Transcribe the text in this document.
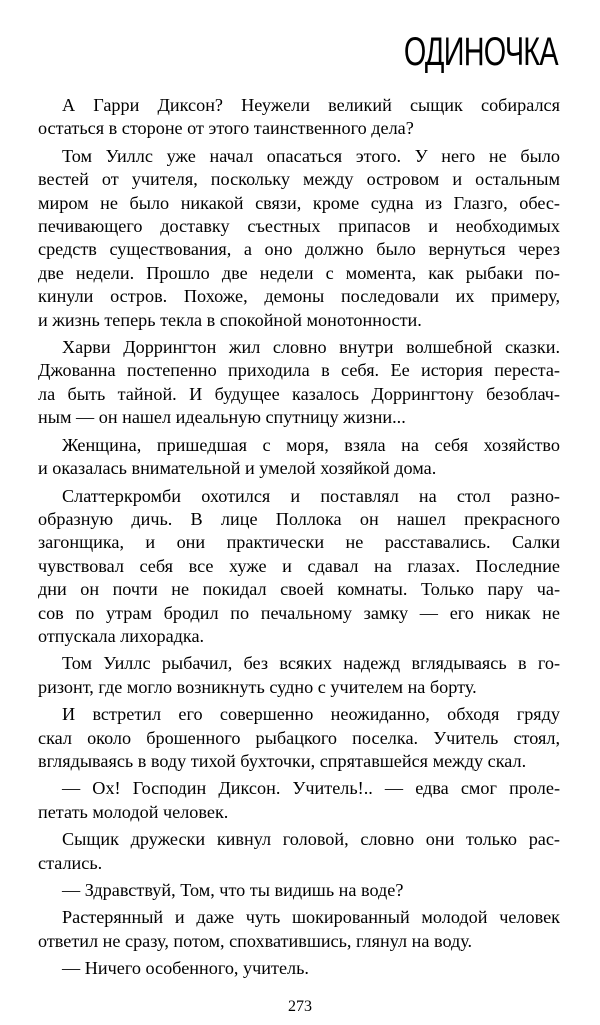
ОДИНОЧКА

А Гарри Диксон? Неужели великий сыщик собирался
остаться в стороне от этого таинственного дела?

Том Уиллс уже начал опасаться этого. У него не было
вестей от учителя, поскольку между островом и остальным
миром не было никакой связи, кроме судна из Глазго, обес-
печивающего доставку съестных припасов и необходимых
средств существования, а оно должно было вернуться через
две недели. Прошло две недели с момента, как рыбаки по-
кинули остров. Похоже, демоны последовали их примеру,
и жизнь теперь текла в спокойной монотонности.

Харви Доррингтон жил словно внутри волшебной сказки.
Джованна постепенно приходила в себя. Ее история переста-
ла быть тайной. И будущее казалось Доррингтону безоблач-
ным — он нашел идеальную спутницу жизни...

Женщина, пришедшая с моря, взяла на себя хозяйство
и оказалась внимательной и умелой хозяйкой дома.

Слаттеркромби охотился и поставлял на стол разно-
образную дичь. В лице Поллока он нашел прекрасного
загонщика, и они практически не расставались. Салки
чувствовал себя все хуже и сдавал на глазах. Последние
дни он почти не покидал своей комнаты. Только пару ча-
сов по утрам бродил по печальному замку — его никак не
отпускала лихорадка.

Том Уиллс рыбачил, без всяких надежд вглядываясь в го-
ризонт, где могло возникнуть судно с учителем на борту.

И встретил его совершенно неожиданно, обходя гряду
скал около брошенного рыбацкого поселка. Учитель стоял,
вглядываясь в воду тихой бухточки, спрятавшейся между скал.

— Ох! Господин Диксон. Учитель!.. — едва смог проле-
петать молодой человек.

Сыщик дружески кивнул головой, словно они только рас-
стались.

— Здравствуй, Том, что ты видишь на воде?

Растерянный и даже чуть шокированный молодой человек
ответил не сразу, потом, спохватившись, глянул на воду.

— Ничего особенного, учитель.

273
